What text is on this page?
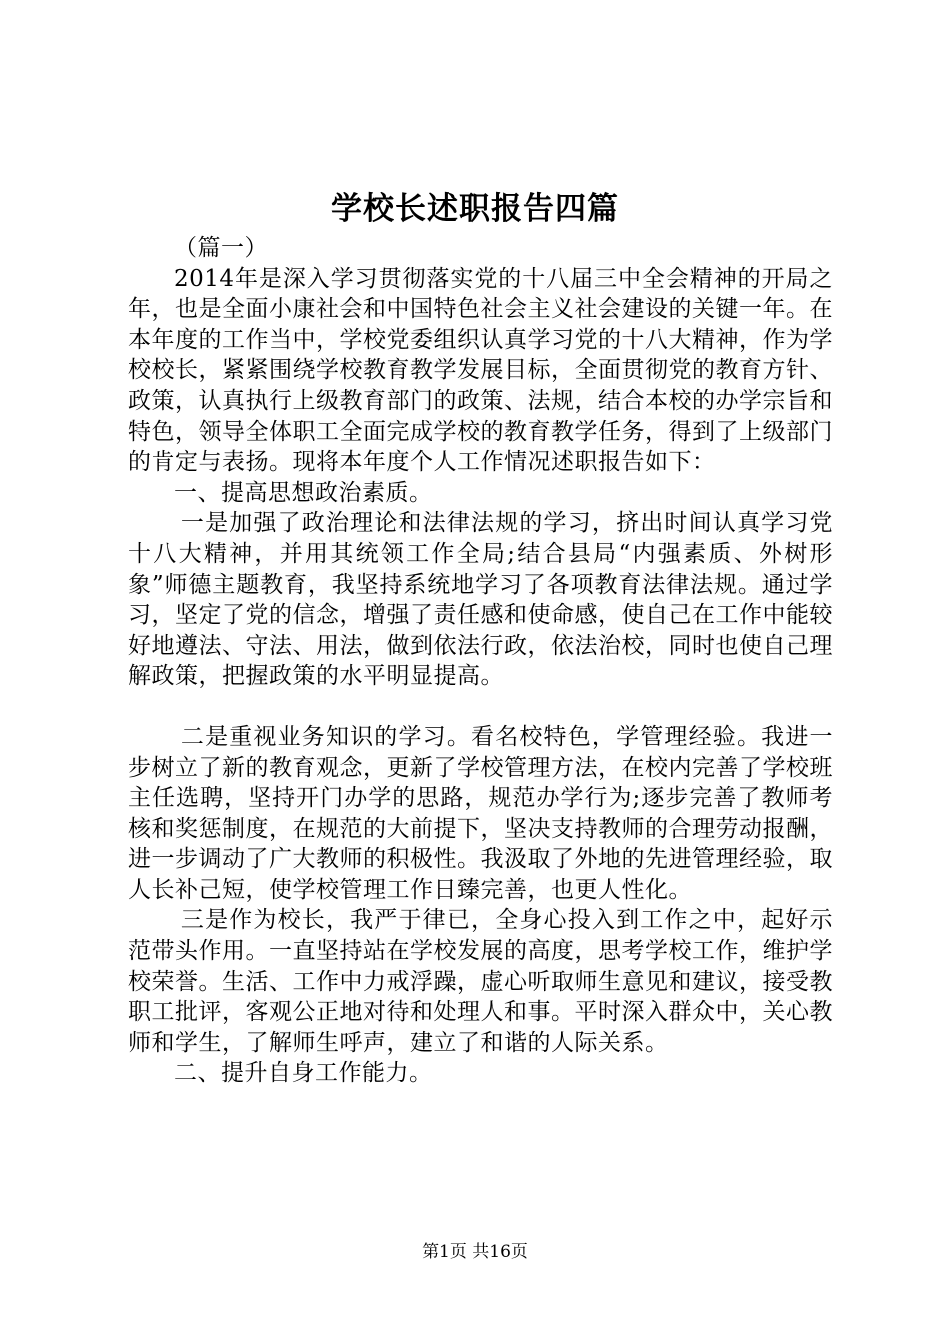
学校长述职报告四篇

（篇一）

2014年是深入学习贯彻落实党的十八届三中全会精神的开局之年，也是全面小康社会和中国特色社会主义社会建设的关键一年。在本年度的工作当中，学校党委组织认真学习党的十八大精神，作为学校校长，紧紧围绕学校教育教学发展目标，全面贯彻党的教育方针、政策，认真执行上级教育部门的政策、法规，结合本校的办学宗旨和特色，领导全体职工全面完成学校的教育教学任务，得到了上级部门的肯定与表扬。现将本年度个人工作情况述职报告如下：

一、提高思想政治素质。

一是加强了政治理论和法律法规的学习，挤出时间认真学习党十八大精神，并用其统领工作全局;结合县局“内强素质、外树形象”师德主题教育，我坚持系统地学习了各项教育法律法规。通过学习，坚定了党的信念，增强了责任感和使命感，使自己在工作中能较好地遵法、守法、用法，做到依法行政，依法治校，同时也使自己理解政策，把握政策的水平明显提高。

二是重视业务知识的学习。看名校特色，学管理经验。我进一步树立了新的教育观念，更新了学校管理方法，在校内完善了学校班主任选聘，坚持开门办学的思路，规范办学行为;逐步完善了教师考核和奖惩制度，在规范的大前提下，坚决支持教师的合理劳动报酬，进一步调动了广大教师的积极性。我汲取了外地的先进管理经验，取人长补己短，使学校管理工作日臻完善，也更人性化。

三是作为校长，我严于律已，全身心投入到工作之中，起好示范带头作用。一直坚持站在学校发展的高度，思考学校工作，维护学校荣誉。生活、工作中力戒浮躁，虚心听取师生意见和建议，接受教职工批评，客观公正地对待和处理人和事。平时深入群众中，关心教师和学生，了解师生呼声，建立了和谐的人际关系。

二、提升自身工作能力。

第1页 共16页
